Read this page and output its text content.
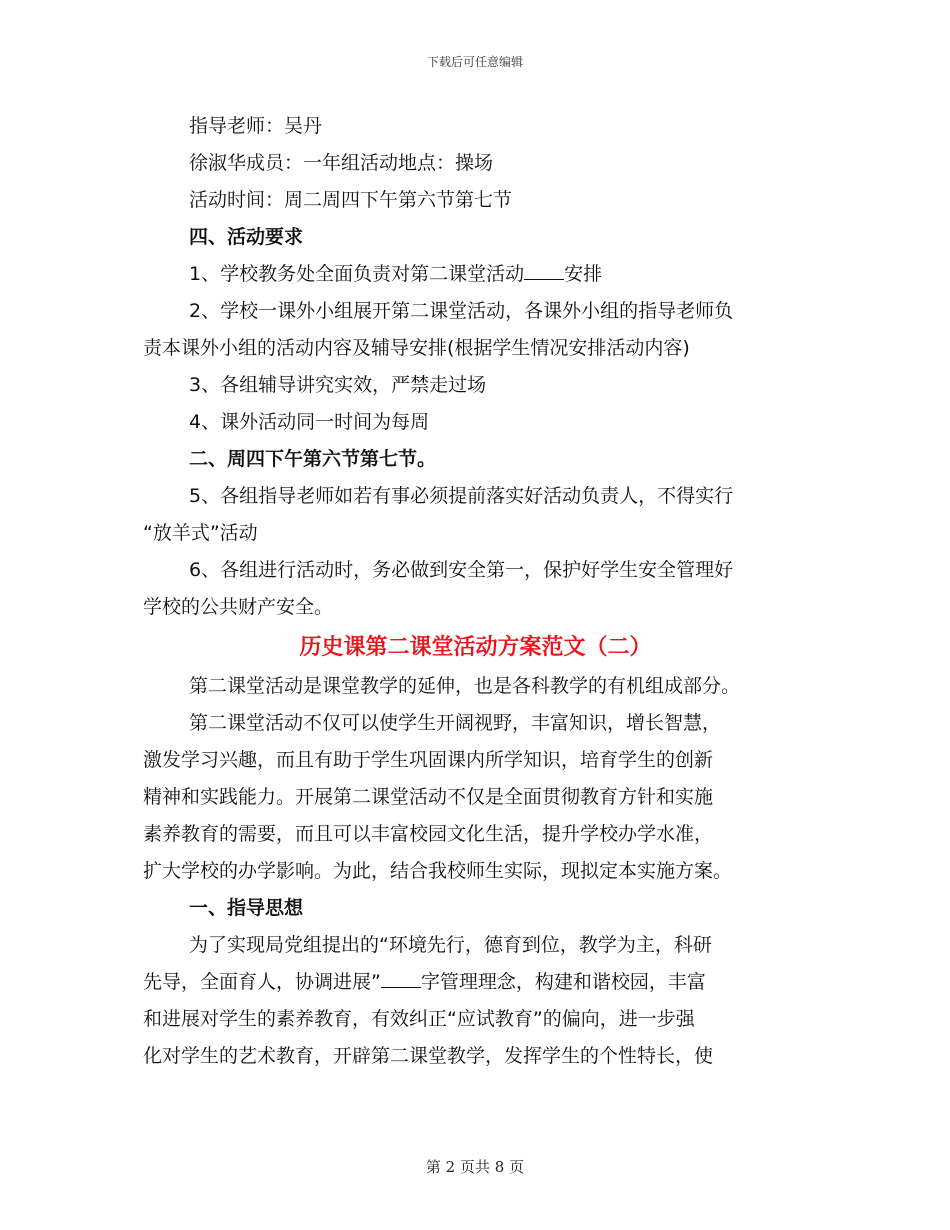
下载后可任意编辑
指导老师：吴丹
徐淑华成员：一年组活动地点：操场
活动时间：周二周四下午第六节第七节
四、活动要求
1、学校教务处全面负责对第二课堂活动 安排
2、学校一课外小组展开第二课堂活动，各课外小组的指导老师负
责本课外小组的活动内容及辅导安排(根据学生情况安排活动内容)
3、各组辅导讲究实效，严禁走过场
4、课外活动同一时间为每周
二、周四下午第六节第七节。
5、各组指导老师如若有事必须提前落实好活动负责人，不得实行
“放羊式”活动
6、各组进行活动时，务必做到安全第一，保护好学生安全管理好
学校的公共财产安全。
历史课第二课堂活动方案范文（二）
第二课堂活动是课堂教学的延伸，也是各科教学的有机组成部分。
第二课堂活动不仅可以使学生开阔视野，丰富知识，增长智慧，
激发学习兴趣，而且有助于学生巩固课内所学知识，培育学生的创新
精神和实践能力。开展第二课堂活动不仅是全面贯彻教育方针和实施
素养教育的需要，而且可以丰富校园文化生活，提升学校办学水准，
扩大学校的办学影响。为此，结合我校师生实际，现拟定本实施方案。
一、指导思想
为了实现局党组提出的“环境先行，德育到位，教学为主，科研
先导，全面育人，协调进展” 字管理理念，构建和谐校园，丰富
和进展对学生的素养教育，有效纠正“应试教育”的偏向，进一步强
化对学生的艺术教育，开辟第二课堂教学，发挥学生的个性特长，使
第 2 页共 8 页
